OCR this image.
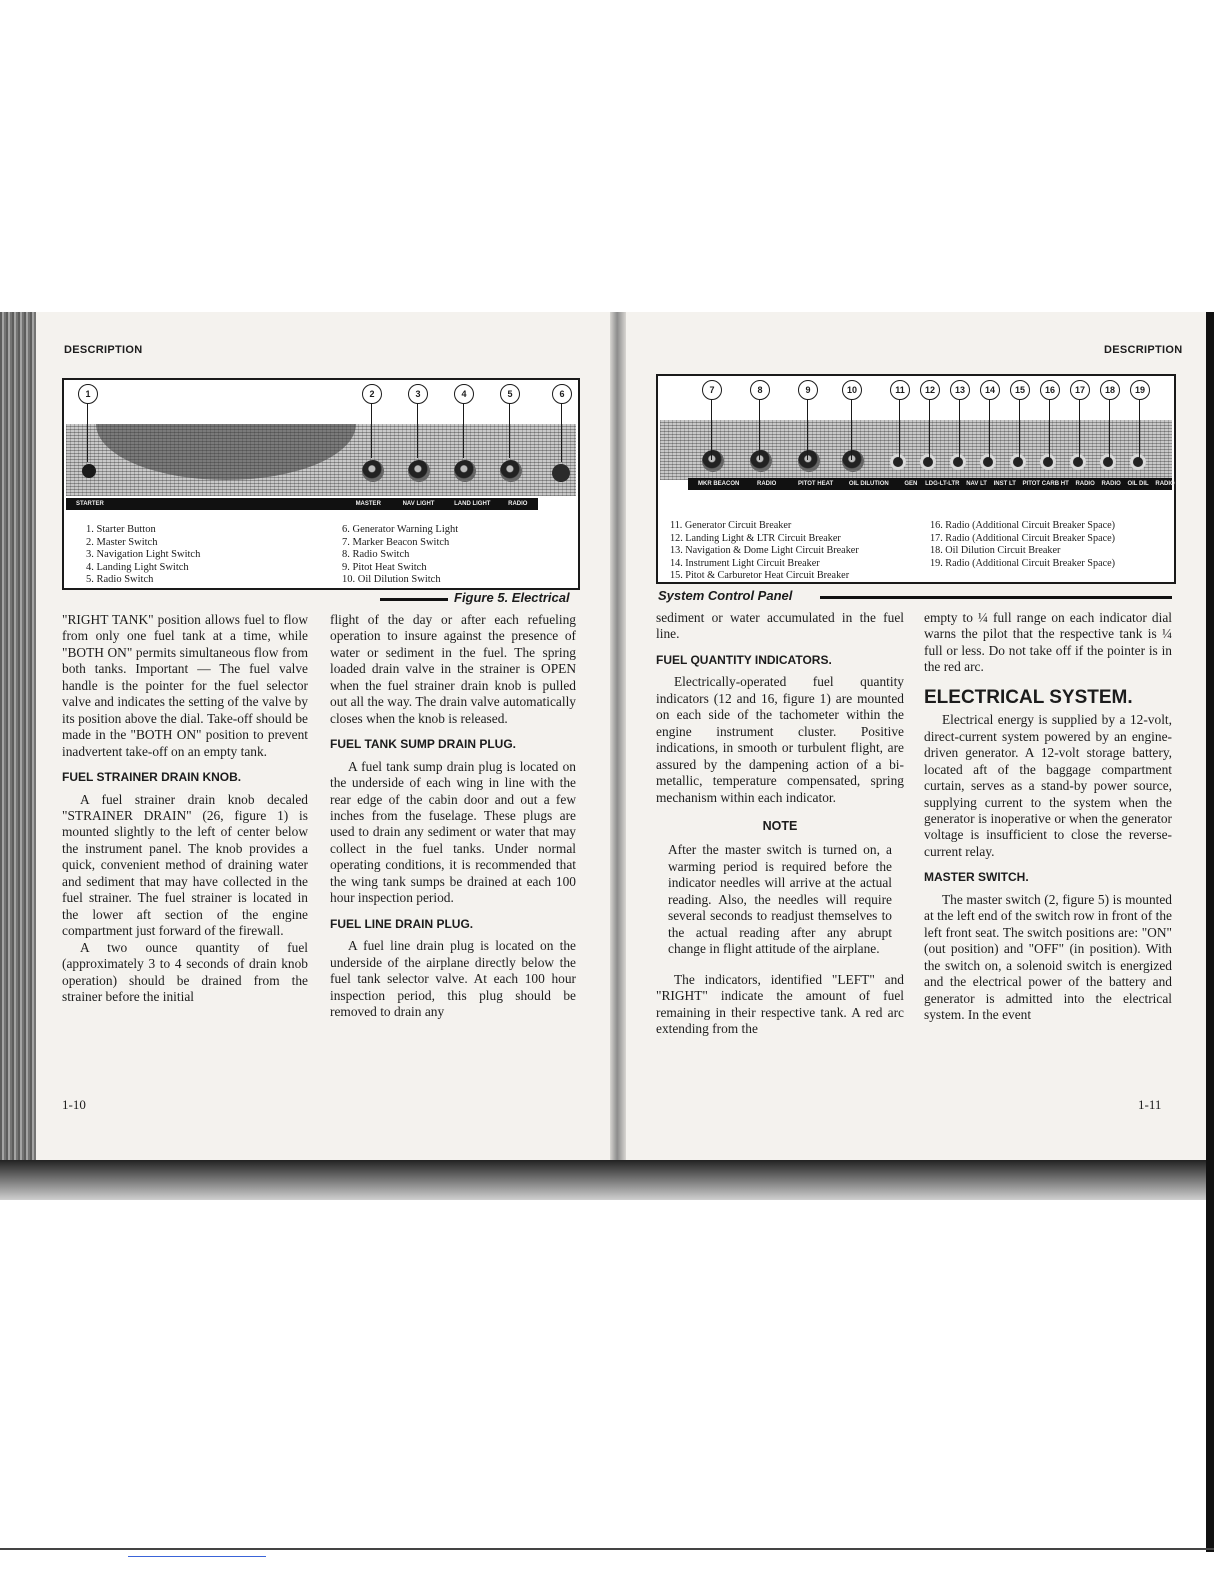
DESCRIPTION	DESCRIPTION
STARTER	MASTER	NAV LIGHT	LAND LIGHT	RADIO
1	2	3	4	5	6
1. Starter Button
2. Master Switch
3. Navigation Light Switch
4. Landing Light Switch
5. Radio Switch
6. Generator Warning Light
7. Marker Beacon Switch
8. Radio Switch
9. Pitot Heat Switch
10. Oil Dilution Switch
Figure 5. Electrical
MKR BEACON	RADIO	PITOT HEAT	OIL DILUTION	GEN LDG-LT-LTR NAV LT INST LT PITOT CARB HT RADIO RADIO OIL DIL RADIO
7	8	9	10	11	12	13	14	15	16	17	18	19
11. Generator Circuit Breaker
12. Landing Light & LTR Circuit Breaker
13. Navigation & Dome Light Circuit Breaker
14. Instrument Light Circuit Breaker
15. Pitot & Carburetor Heat Circuit Breaker
16. Radio (Additional Circuit Breaker Space)
17. Radio (Additional Circuit Breaker Space)
18. Oil Dilution Circuit Breaker
19. Radio (Additional Circuit Breaker Space)
System Control Panel

"RIGHT TANK" position allows fuel to flow from only one fuel tank at a time, while "BOTH ON" permits simultaneous flow from both tanks. Important — The fuel valve handle is the pointer for the fuel selector valve and indicates the setting of the valve by its position above the dial. Take-off should be made in the "BOTH ON" position to prevent inadvertent take-off on an empty tank.

FUEL STRAINER DRAIN KNOB.

A fuel strainer drain knob decaled "STRAINER DRAIN" (26, figure 1) is mounted slightly to the left of center below the instrument panel. The knob provides a quick, convenient method of draining water and sediment that may have collected in the fuel strainer. The fuel strainer is located in the lower aft section of the engine compartment just forward of the firewall.

A two ounce quantity of fuel (approximately 3 to 4 seconds of drain knob operation) should be drained from the strainer before the initial

flight of the day or after each refueling operation to insure against the presence of water or sediment in the fuel. The spring loaded drain valve in the strainer is OPEN when the fuel strainer drain knob is pulled out all the way. The drain valve automatically closes when the knob is released.

FUEL TANK SUMP DRAIN PLUG.

A fuel tank sump drain plug is located on the underside of each wing in line with the rear edge of the cabin door and out a few inches from the fuselage. These plugs are used to drain any sediment or water that may collect in the fuel tanks. Under normal operating conditions, it is recommended that the wing tank sumps be drained at each 100 hour inspection period.

FUEL LINE DRAIN PLUG.

A fuel line drain plug is located on the underside of the airplane directly below the fuel tank selector valve. At each 100 hour inspection period, this plug should be removed to drain any

sediment or water accumulated in the fuel line.

FUEL QUANTITY INDICATORS.

Electrically-operated fuel quantity indicators (12 and 16, figure 1) are mounted on each side of the tachometer within the engine instrument cluster. Positive indications, in smooth or turbulent flight, are assured by the dampening action of a bi-metallic, temperature compensated, spring mechanism within each indicator.

NOTE

After the master switch is turned on, a warming period is required before the indicator needles will arrive at the actual reading. Also, the needles will require several seconds to readjust themselves to the actual reading after any abrupt change in flight attitude of the airplane.

The indicators, identified "LEFT" and "RIGHT" indicate the amount of fuel remaining in their respective tank. A red arc extending from the

empty to ¼ full range on each indicator dial warns the pilot that the respective tank is ¼ full or less. Do not take off if the pointer is in the red arc.

ELECTRICAL SYSTEM.

Electrical energy is supplied by a 12-volt, direct-current system powered by an engine-driven generator. A 12-volt storage battery, located aft of the baggage compartment curtain, serves as a stand-by power source, supplying current to the system when the generator is inoperative or when the generator voltage is insufficient to close the reverse-current relay.

MASTER SWITCH.

The master switch (2, figure 5) is mounted at the left end of the switch row in front of the left front seat. The switch positions are: "ON" (out position) and "OFF" (in position). With the switch on, a solenoid switch is energized and the electrical power of the battery and generator is admitted into the electrical system. In the event

1-10	1-11
